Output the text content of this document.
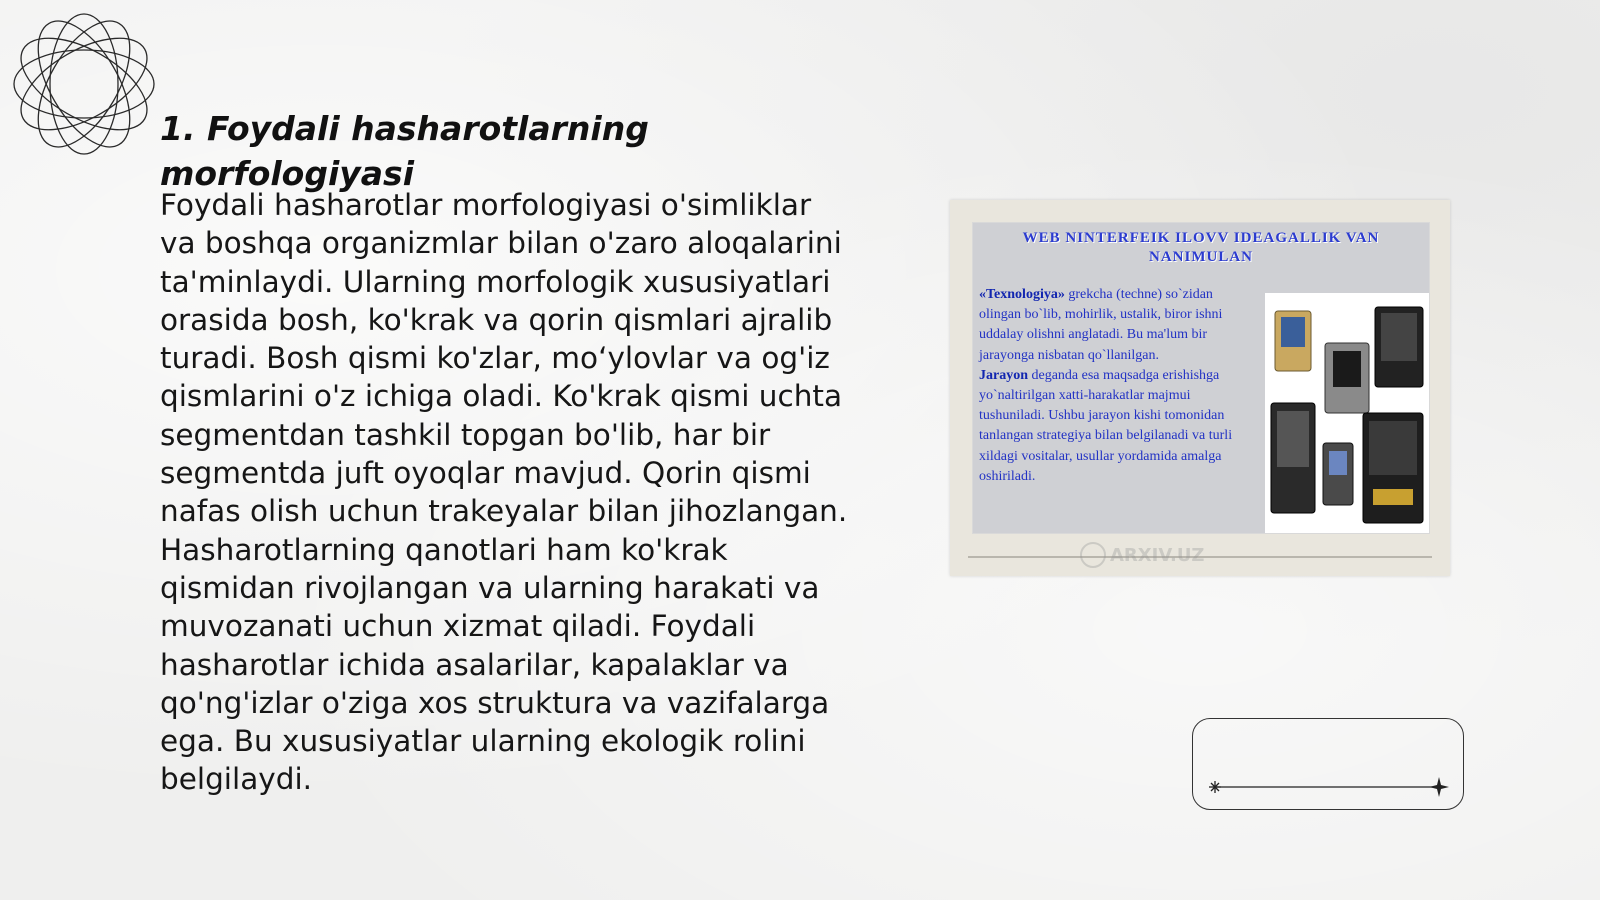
1. Foydali hasharotlarning morfologiyasi

Foydali hasharotlar morfologiyasi o'simliklar va boshqa organizmlar bilan o'zaro aloqalarini ta'minlaydi. Ularning morfologik xususiyatlari orasida bosh, ko'krak va qorin qismlari ajralib turadi. Bosh qismi ko'zlar, mo‘ylovlar va og'iz qismlarini o'z ichiga oladi. Ko'krak qismi uchta segmentdan tashkil topgan bo'lib, har bir segmentda juft oyoqlar mavjud. Qorin qismi nafas olish uchun trakeyalar bilan jihozlangan. Hasharotlarning qanotlari ham ko'krak qismidan rivojlangan va ularning harakati va muvozanati uchun xizmat qiladi. Foydali hasharotlar ichida asalarilar, kapalaklar va qo'ng'izlar o'ziga xos struktura va vazifalarga ega. Bu xususiyatlar ularning ekologik rolini belgilaydi.

WEB NINTERFEIK ILOVV IDEAGALLIK VAN NANIMULAN
«Texnologiya» grekcha (techne) so`zidan olingan bo`lib, mohirlik, ustalik, biror ishni uddalay olishni anglatadi. Bu ma'lum bir jarayonga nisbatan qo`llanilgan.
Jarayon deganda esa maqsadga erishishga yo`naltirilgan xatti-harakatlar majmui tushuniladi. Ushbu jarayon kishi tomonidan tanlangan strategiya bilan belgilanadi va turli xildagi vositalar, usullar yordamida amalga oshiriladi.
ARXIV.UZ
